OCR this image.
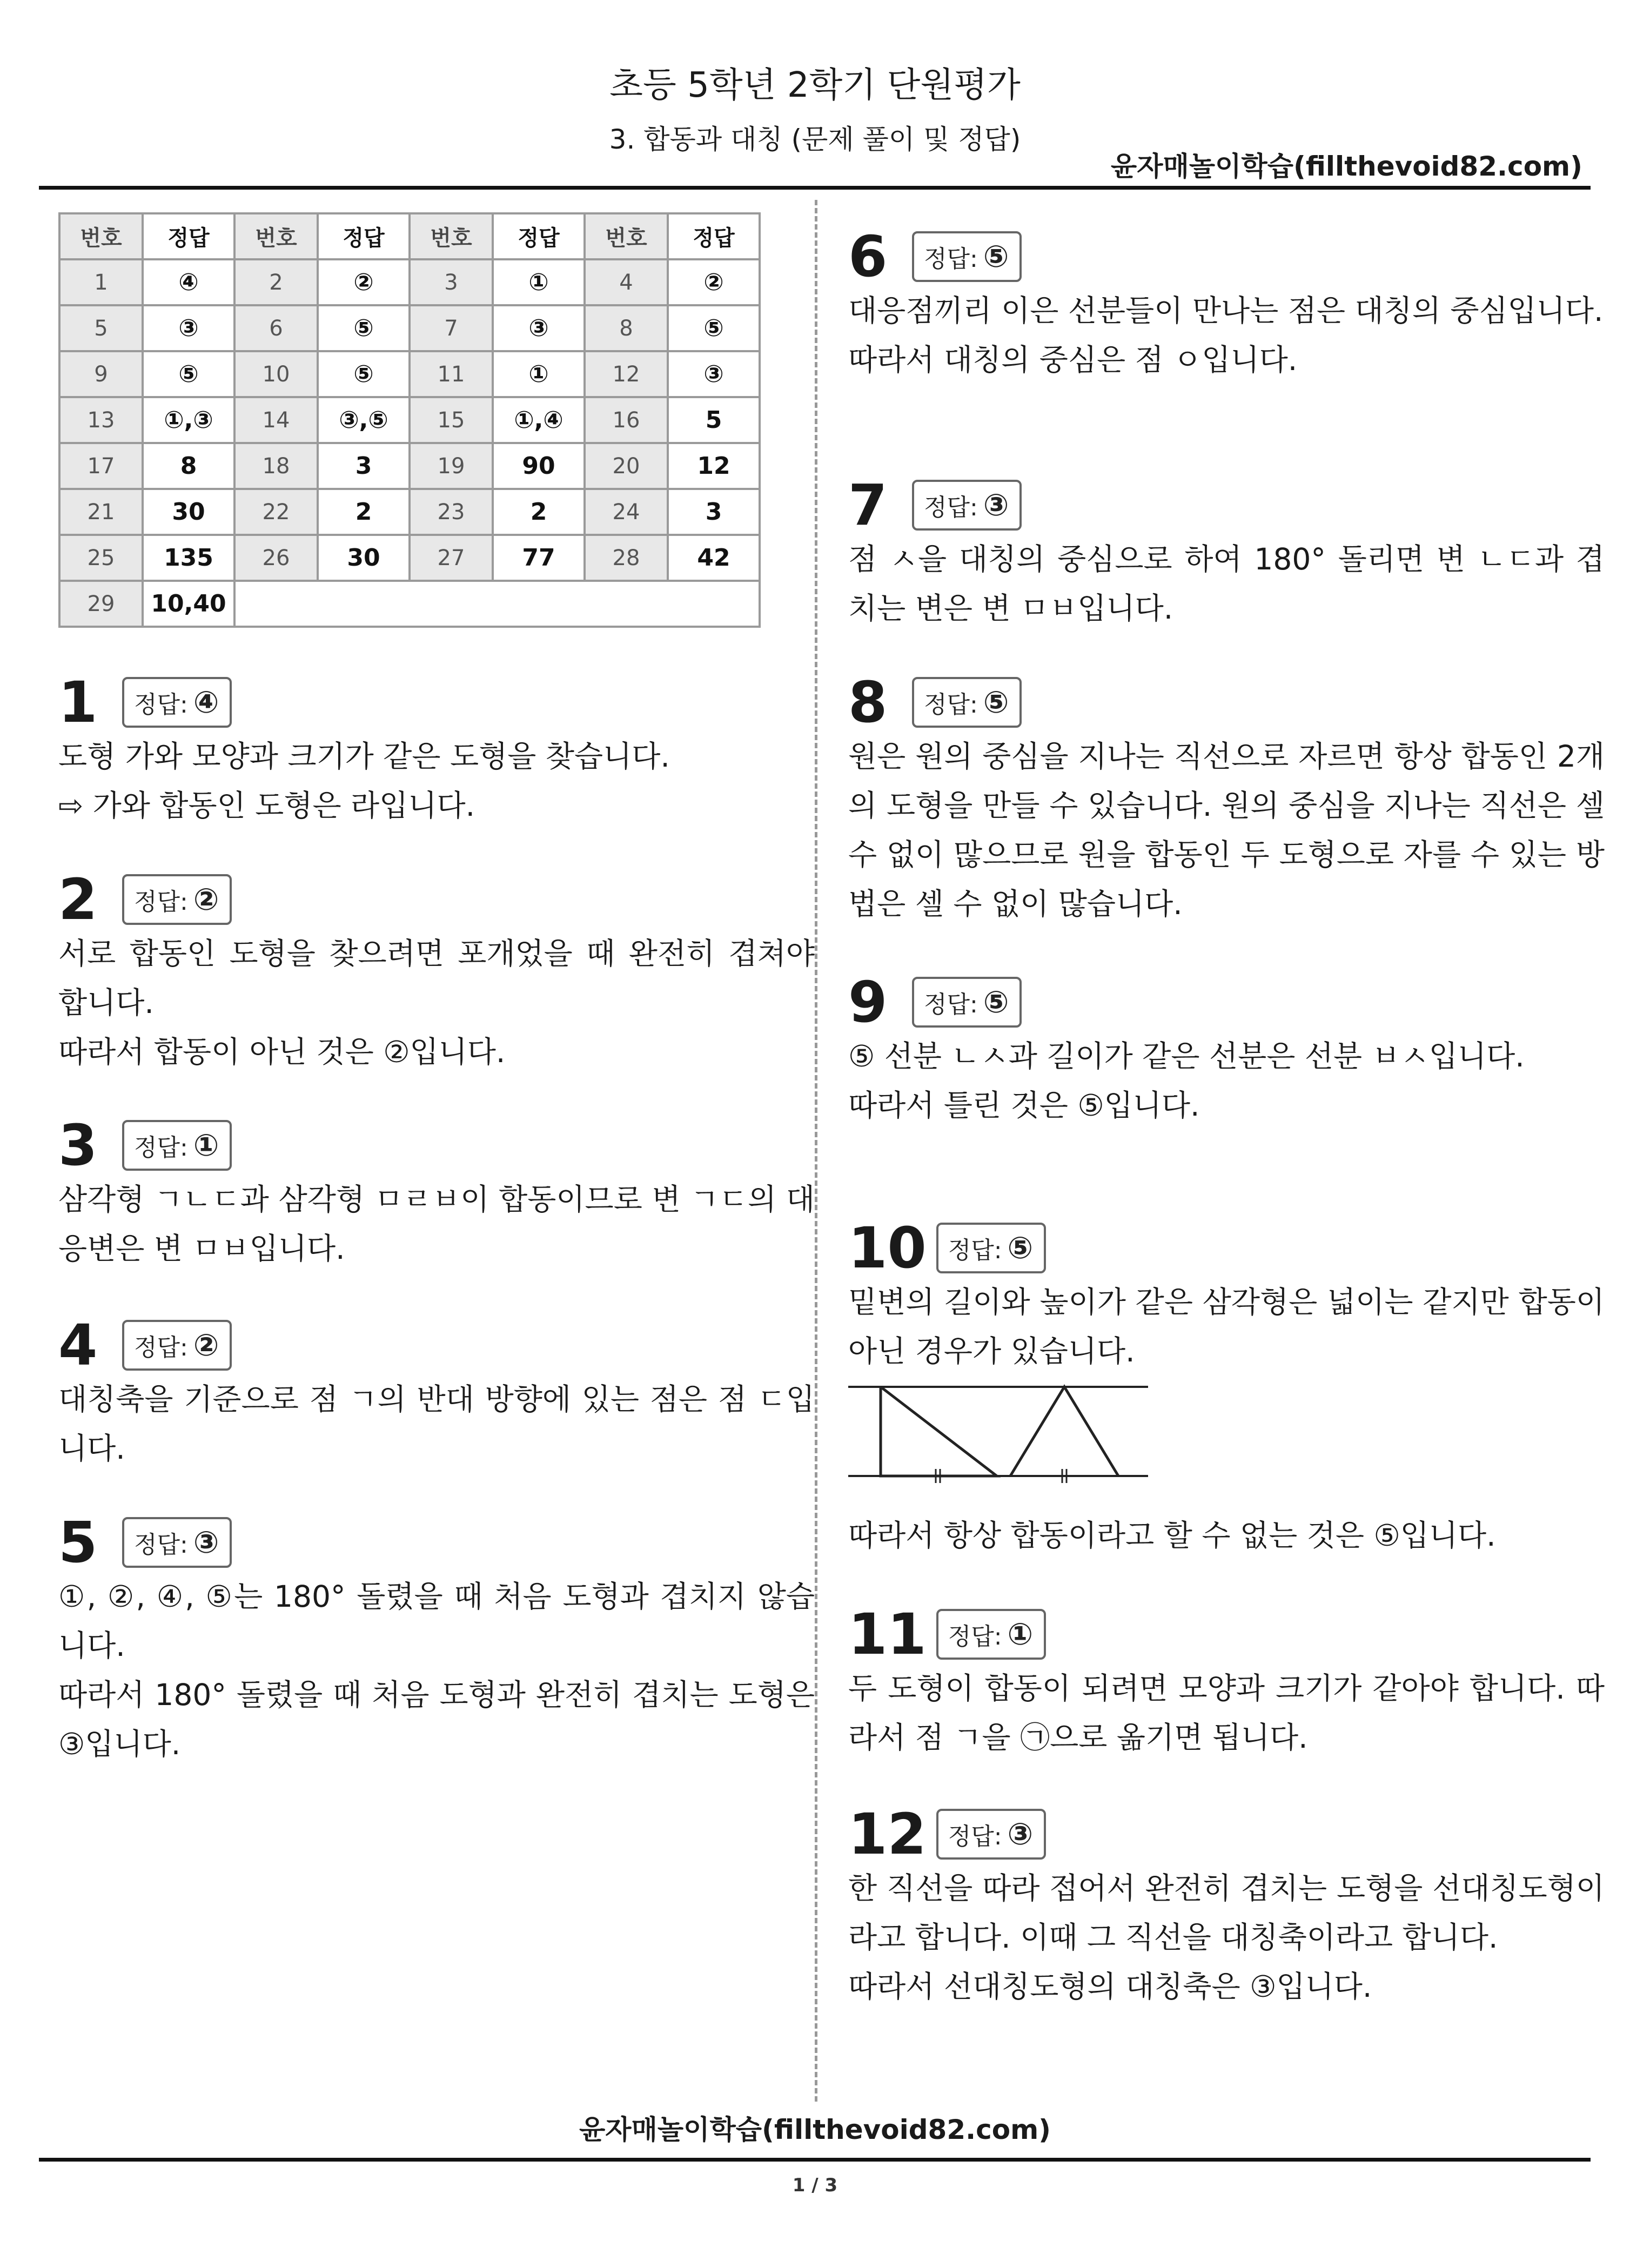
초등 5학년 2학기 단원평가
3. 합동과 대칭 (문제 풀이 및 정답)
윤자매놀이학습(fillthevoid82.com)
번호	정답	번호	정답	번호	정답	번호	정답
1	④	2	②	3	①	4	②
5	③	6	⑤	7	③	8	⑤
9	⑤	10	⑤	11	①	12	③
13	①,③	14	③,⑤	15	①,④	16	5
17	8	18	3	19	90	20	12
21	30	22	2	23	2	24	3
25	135	26	30	27	77	28	42
29	10,40						
1	정답: ④

도형 가와 모양과 크기가 같은 도형을 찾습니다.

⇨ 가와 합동인 도형은 라입니다.

2	정답: ②

서로 합동인 도형을 찾으려면 포개었을 때 완전히 겹쳐야 합니다.

따라서 합동이 아닌 것은 ②입니다.

3	정답: ①

삼각형 ㄱㄴㄷ과 삼각형 ㅁㄹㅂ이 합동이므로 변 ㄱㄷ의 대응변은 변 ㅁㅂ입니다.

4	정답: ②

대칭축을 기준으로 점 ㄱ의 반대 방향에 있는 점은 점 ㄷ입니다.

5	정답: ③

①, ②, ④, ⑤는 180° 돌렸을 때 처음 도형과 겹치지 않습니다.

따라서 180° 돌렸을 때 처음 도형과 완전히 겹치는 도형은 ③입니다.

6	정답: ⑤

대응점끼리 이은 선분들이 만나는 점은 대칭의 중심입니다.

따라서 대칭의 중심은 점 ㅇ입니다.

7	정답: ③

점 ㅅ을 대칭의 중심으로 하여 180° 돌리면 변 ㄴㄷ과 겹치는 변은 변 ㅁㅂ입니다.

8	정답: ⑤

원은 원의 중심을 지나는 직선으로 자르면 항상 합동인 2개의 도형을 만들 수 있습니다. 원의 중심을 지나는 직선은 셀 수 없이 많으므로 원을 합동인 두 도형으로 자를 수 있는 방법은 셀 수 없이 많습니다.

9	정답: ⑤

⑤ 선분 ㄴㅅ과 길이가 같은 선분은 선분 ㅂㅅ입니다.

따라서 틀린 것은 ⑤입니다.

10 정답: ⑤

밑변의 길이와 높이가 같은 삼각형은 넓이는 같지만 합동이 아닌 경우가 있습니다.

따라서 항상 합동이라고 할 수 없는 것은 ⑤입니다.

11 정답: ①

두 도형이 합동이 되려면 모양과 크기가 같아야 합니다. 따라서 점 ㄱ을 ㉠으로 옮기면 됩니다.

12 정답: ③

한 직선을 따라 접어서 완전히 겹치는 도형을 선대칭도형이라고 합니다. 이때 그 직선을 대칭축이라고 합니다.

따라서 선대칭도형의 대칭축은 ③입니다.

윤자매놀이학습(fillthevoid82.com)
1 / 3
